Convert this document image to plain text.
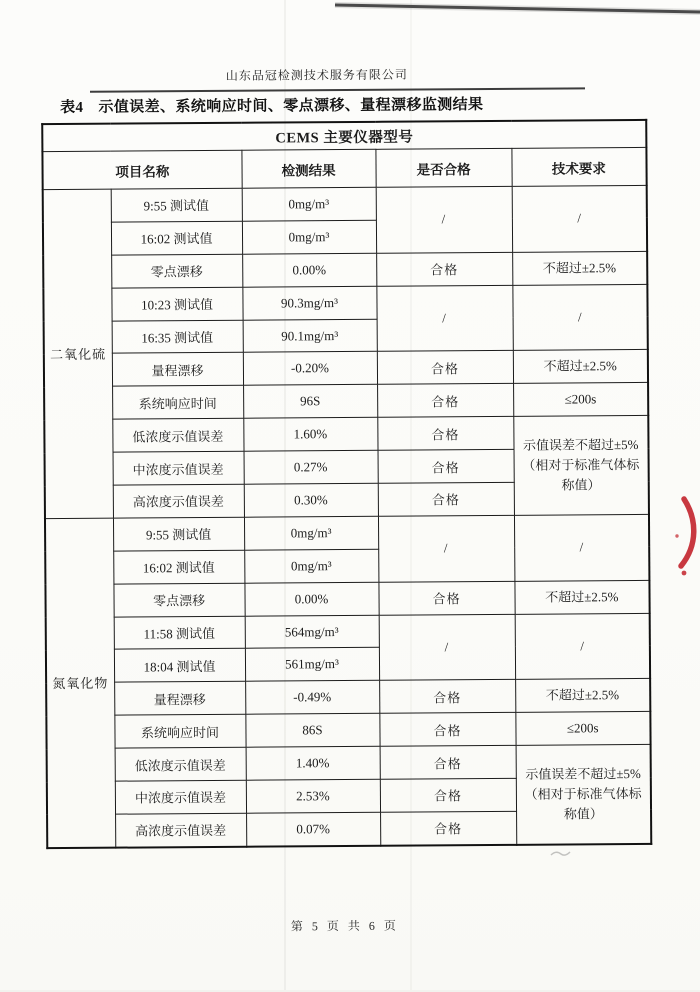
山东品冠检测技术服务有限公司
表4 示值误差、系统响应时间、零点漂移、量程漂移监测结果
CEMS 主要仪器型号				
项目名称		检测结果	是否合格	技术要求
二氧化硫	9:55 测试值	0mg/m³	/	/
	16:02 测试值	0mg/m³		
	零点漂移	0.00%	合格	不超过±2.5%
	10:23 测试值	90.3mg/m³	/	/
	16:35 测试值	90.1mg/m³		
	量程漂移	-0.20%	合格	不超过±2.5%
	系统响应时间	96S	合格	≤200s
	低浓度示值误差	1.60%	合格	示值误差不超过±5%（相对于标准气体标称值）
	中浓度示值误差	0.27%	合格	
	高浓度示值误差	0.30%	合格	
氮氧化物	9:55 测试值	0mg/m³	/	/
	16:02 测试值	0mg/m³		
	零点漂移	0.00%	合格	不超过±2.5%
	11:58 测试值	564mg/m³	/	/
	18:04 测试值	561mg/m³		
	量程漂移	-0.49%	合格	不超过±2.5%
	系统响应时间	86S	合格	≤200s
	低浓度示值误差	1.40%	合格	示值误差不超过±5%（相对于标准气体标称值）
	中浓度示值误差	2.53%	合格	
	高浓度示值误差	0.07%	合格	
第 5 页 共 6 页
